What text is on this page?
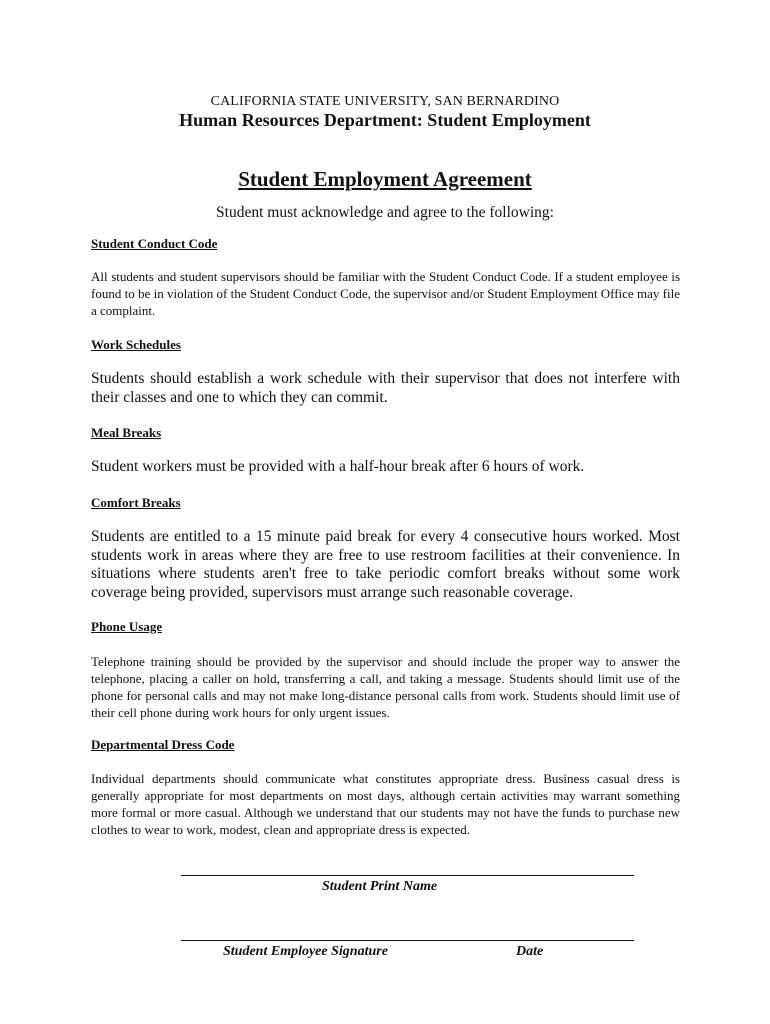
CALIFORNIA STATE UNIVERSITY, SAN BERNARDINO
Human Resources Department: Student Employment
Student Employment Agreement
Student must acknowledge and agree to the following:
Student Conduct Code

All students and student supervisors should be familiar with the Student Conduct Code. If a student employee is found to be in violation of the Student Conduct Code, the supervisor and/or Student Employment Office may file a complaint.

Work Schedules

Students should establish a work schedule with their supervisor that does not interfere with their classes and one to which they can commit.

Meal Breaks

Student workers must be provided with a half-hour break after 6 hours of work.

Comfort Breaks

Students are entitled to a 15 minute paid break for every 4 consecutive hours worked. Most students work in areas where they are free to use restroom facilities at their convenience. In situations where students aren't free to take periodic comfort breaks without some work coverage being provided, supervisors must arrange such reasonable coverage.

Phone Usage

Telephone training should be provided by the supervisor and should include the proper way to answer the telephone, placing a caller on hold, transferring a call, and taking a message. Students should limit use of the phone for personal calls and may not make long-distance personal calls from work. Students should limit use of their cell phone during work hours for only urgent issues.

Departmental Dress Code

Individual departments should communicate what constitutes appropriate dress. Business casual dress is generally appropriate for most departments on most days, although certain activities may warrant something more formal or more casual. Although we understand that our students may not have the funds to purchase new clothes to wear to work, modest, clean and appropriate dress is expected.

Student Print Name
Student Employee Signature	Date
